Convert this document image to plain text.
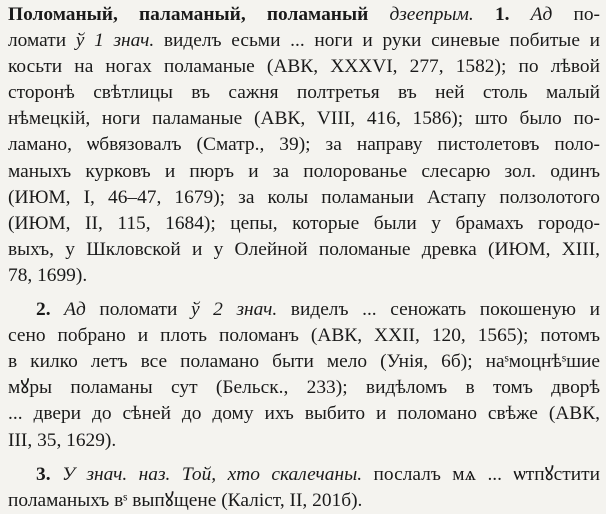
Поломаный, паламаный, поламаный дзеепрым. 1. Ад по-
ломати ў 1 знач. виделъ есьми ... ноги и руки синевые побитые и
косьти на ногах поламаные (АВК, XXXVI, 277, 1582); по лѣвой
сторонѣ свѣтлицы въ сажня полтретья въ ней столь малый
нѣмецкій, ноги паламаные (АВК, VIII, 416, 1586); што было по-
ламано, ѡбвязовалъ (Сматр., 39); за направу пистолетовъ поло-
маныхъ курковъ и пюръ и за полорованье слесарю зол. одинъ
(ИЮМ, I, 46–47, 1679); за колы поламаныи Астапу ползолотого
(ИЮМ, II, 115, 1684); цепы, которые были у брамахъ городо-
выхъ, у Шкловской и у Олейной поломаные древка (ИЮМ, XIII,
78, 1699).
2. Ад поломати ў 2 знач. виделъ ... сеножать покошеную и
сено побрано и плоть поломанъ (АВК, XXII, 120, 1565); потомъ
в килко летъ все поламано быти мело (Унія, 6б); наˢмоцнѣˢшие
мꙋры поламаны сут (Бельск., 233); видѣломъ в томъ дворѣ
... двери до сѣней до дому ихъ выбито и поломано свѣже (АВК,
III, 35, 1629).
3. У знач. наз. Той, хто скалечаны. послалъ мѧ ... ѡтпꙋстити
поламаныхъ вˢ выпꙋщене (Каліст, II, 201б).
